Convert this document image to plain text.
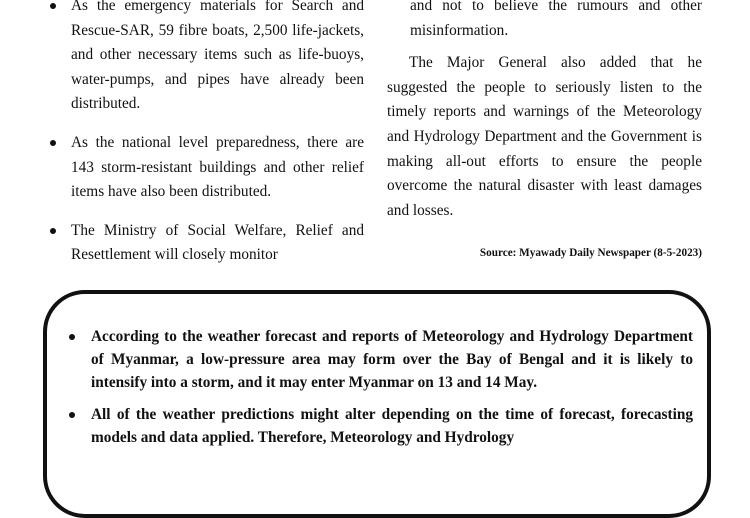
As the emergency materials for Search and Rescue-SAR, 59 fibre boats, 2,500 life-jackets, and other necessary items such as life-buoys, water-pumps, and pipes have already been distributed.
As the national level preparedness, there are 143 storm-resistant buildings and other relief items have also been distributed.
The Ministry of Social Welfare, Relief and Resettlement will closely monitor

and not to believe the rumours and other misinformation.

The Major General also added that he suggested the people to seriously listen to the timely reports and warnings of the Meteorology and Hydrology Department and the Government is making all-out efforts to ensure the people overcome the natural disaster with least damages and losses.

Source: Myawady Daily Newspaper (8-5-2023)
According to the weather forecast and reports of Meteorology and Hydrology Department of Myanmar, a low-pressure area may form over the Bay of Bengal and it is likely to intensify into a storm, and it may enter Myanmar on 13 and 14 May.
All of the weather predictions might alter depending on the time of forecast, forecasting models and data applied. Therefore, Meteorology and Hydrology
